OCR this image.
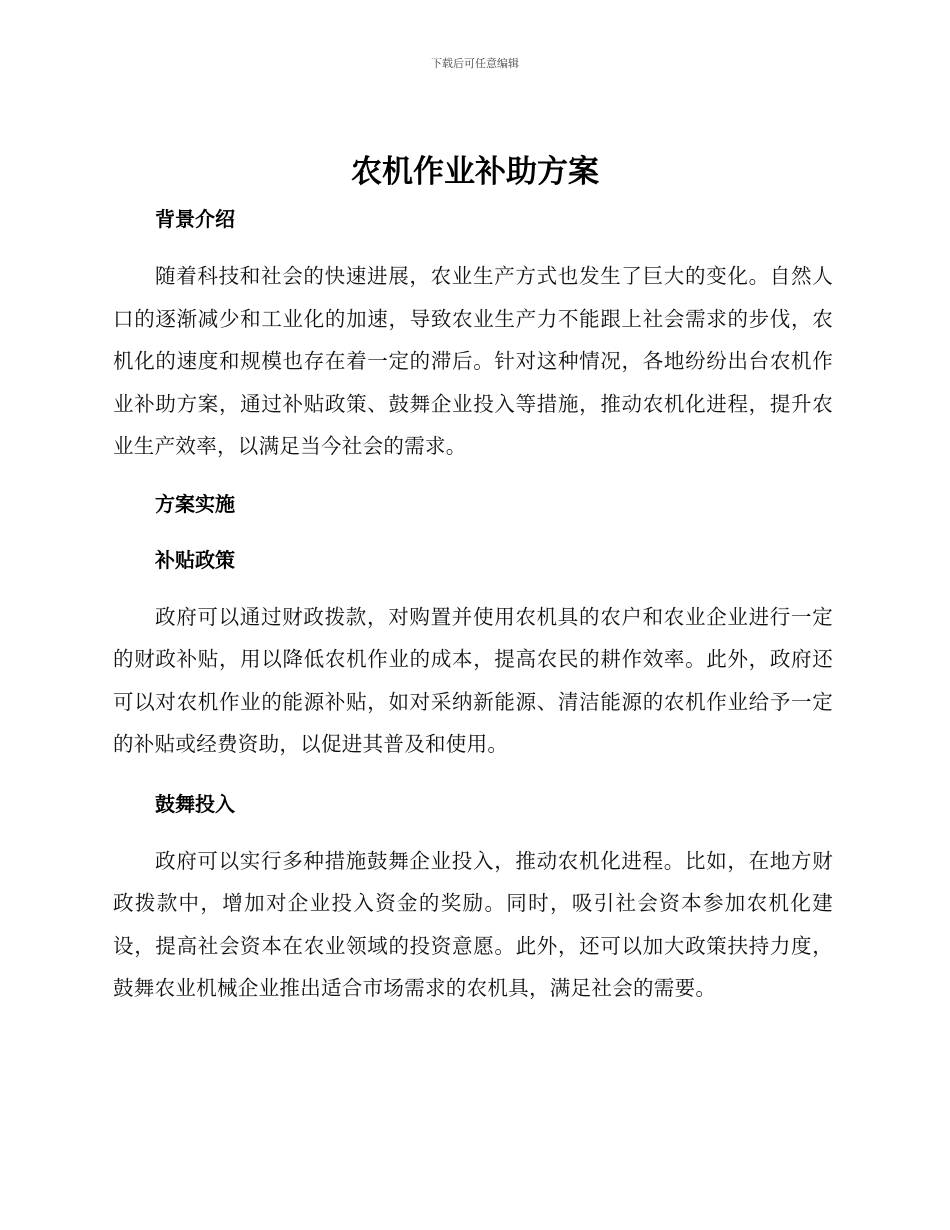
下载后可任意编辑
农机作业补助方案
背景介绍

随着科技和社会的快速进展，农业生产方式也发生了巨大的变化。自然人口的逐渐减少和工业化的加速，导致农业生产力不能跟上社会需求的步伐，农机化的速度和规模也存在着一定的滞后。针对这种情况，各地纷纷出台农机作业补助方案，通过补贴政策、鼓舞企业投入等措施，推动农机化进程，提升农业生产效率，以满足当今社会的需求。

方案实施
补贴政策

政府可以通过财政拨款，对购置并使用农机具的农户和农业企业进行一定的财政补贴，用以降低农机作业的成本，提高农民的耕作效率。此外，政府还可以对农机作业的能源补贴，如对采纳新能源、清洁能源的农机作业给予一定的补贴或经费资助，以促进其普及和使用。

鼓舞投入

政府可以实行多种措施鼓舞企业投入，推动农机化进程。比如，在地方财政拨款中，增加对企业投入资金的奖励。同时，吸引社会资本参加农机化建设，提高社会资本在农业领域的投资意愿。此外，还可以加大政策扶持力度，鼓舞农业机械企业推出适合市场需求的农机具，满足社会的需要。
